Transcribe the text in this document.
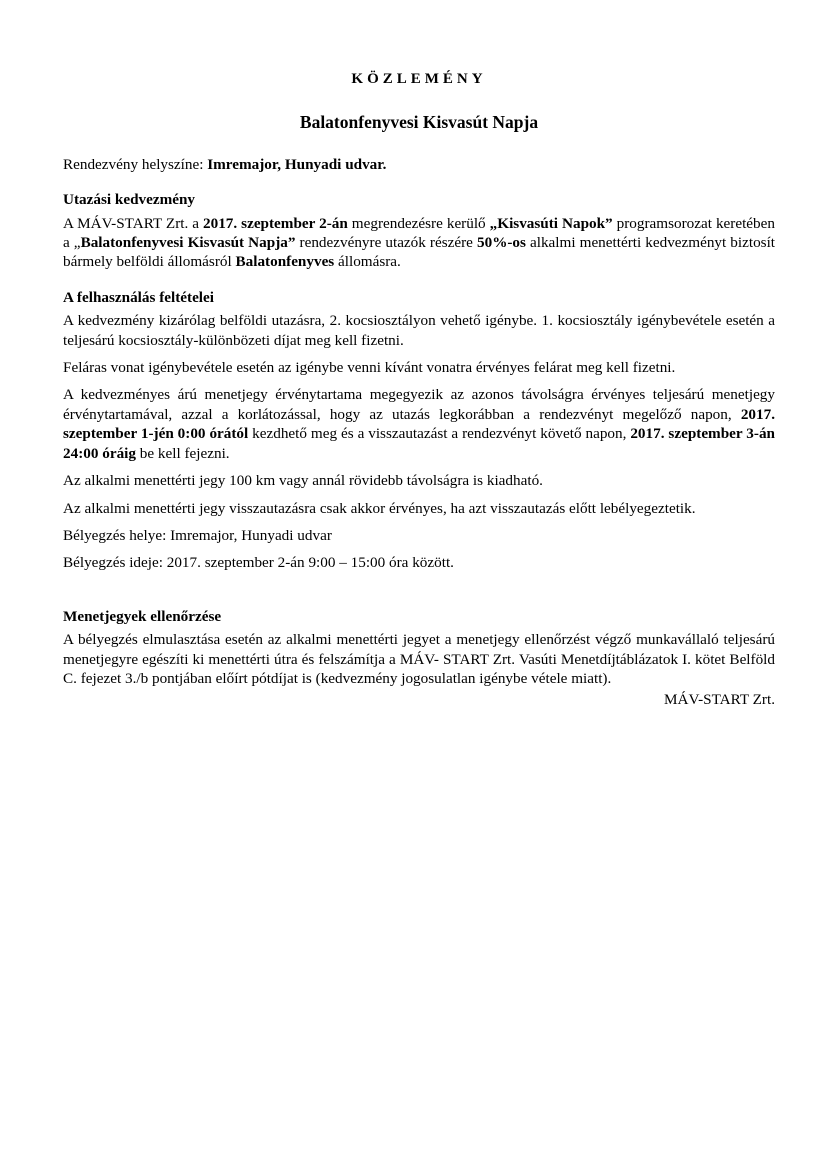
KÖZLEMÉNY
Balatonfenyvesi Kisvasút Napja
Rendezvény helyszíne: Imremajor, Hunyadi udvar.
Utazási kedvezmény
A MÁV-START Zrt. a 2017. szeptember 2-án megrendezésre kerülő „Kisvasúti Napok” programsorozat keretében a „Balatonfenyvesi Kisvasút Napja” rendezvényre utazók részére 50%-os alkalmi menettérti kedvezményt biztosít bármely belföldi állomásról Balatonfenyves állomásra.
A felhasználás feltételei
A kedvezmény kizárólag belföldi utazásra, 2. kocsiosztályon vehető igénybe. 1. kocsiosztály igénybevétele esetén a teljesárú kocsiosztály-különbözeti díjat meg kell fizetni.
Feláras vonat igénybevétele esetén az igénybe venni kívánt vonatra érvényes felárat meg kell fizetni.
A kedvezményes árú menetjegy érvénytartama megegyezik az azonos távolságra érvényes teljesárú menetjegy érvénytartamával, azzal a korlátozással, hogy az utazás legkorábban a rendezvényt megelőző napon, 2017. szeptember 1-jén 0:00 órától kezdhető meg és a visszautazást a rendezvényt követő napon, 2017. szeptember 3-án 24:00 óráig be kell fejezni.
Az alkalmi menettérti jegy 100 km vagy annál rövidebb távolságra is kiadható.
Az alkalmi menettérti jegy visszautazásra csak akkor érvényes, ha azt visszautazás előtt lebélyegeztetik.
Bélyegzés helye: Imremajor, Hunyadi udvar
Bélyegzés ideje: 2017. szeptember 2-án 9:00 – 15:00 óra között.
Menetjegyek ellenőrzése
A bélyegzés elmulasztása esetén az alkalmi menettérti jegyet a menetjegy ellenőrzést végző munkavállaló teljesárú menetjegyre egészíti ki menettérti útra és felszámítja a MÁV- START Zrt. Vasúti Menetdíjtáblázatok I. kötet Belföld C. fejezet 3./b pontjában előírt pótdíjat is (kedvezmény jogosulatlan igénybe vétele miatt).
MÁV-START Zrt.
